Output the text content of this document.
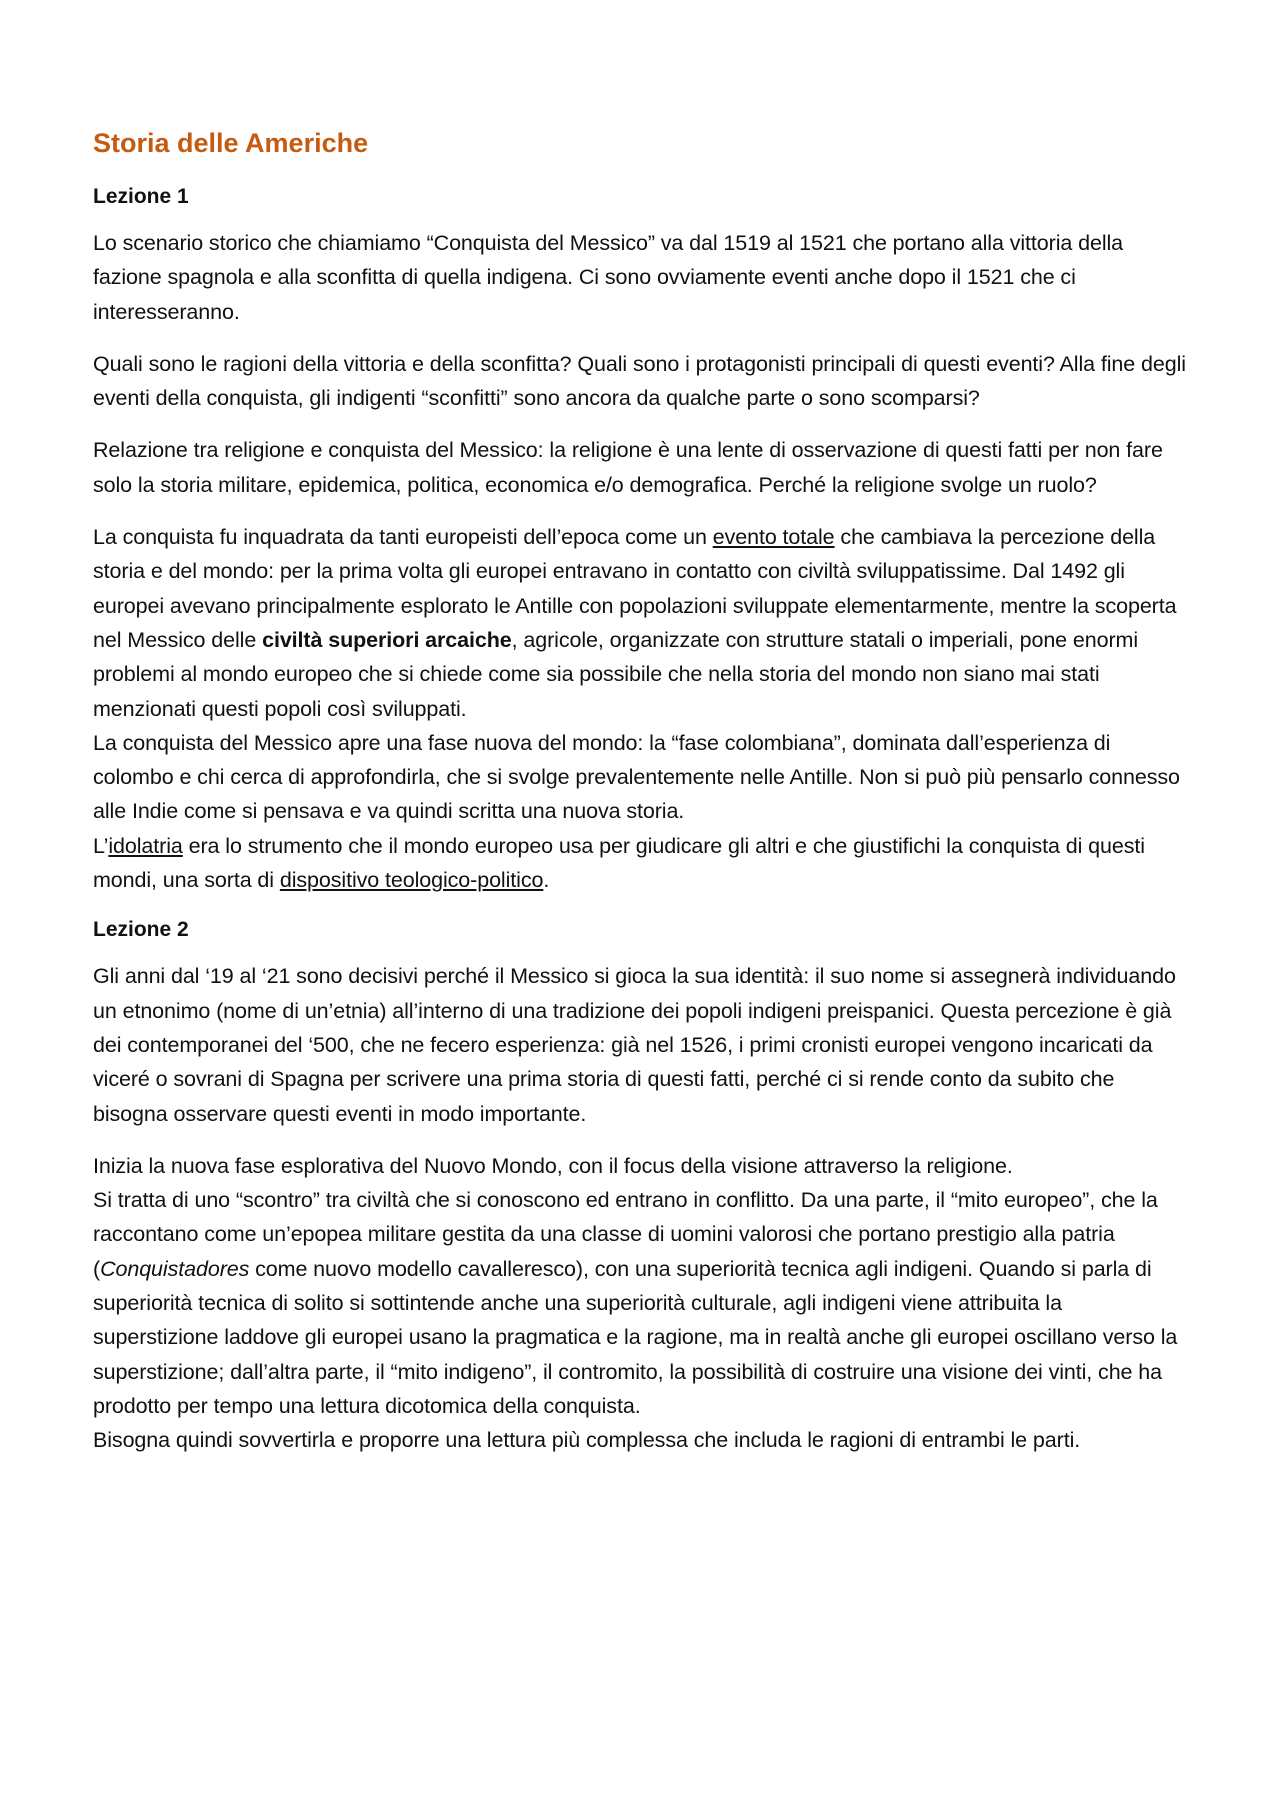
Storia delle Americhe
Lezione 1

Lo scenario storico che chiamiamo “Conquista del Messico” va dal 1519 al 1521 che portano alla vittoria della fazione spagnola e alla sconfitta di quella indigena. Ci sono ovviamente eventi anche dopo il 1521 che ci interesseranno.

Quali sono le ragioni della vittoria e della sconfitta? Quali sono i protagonisti principali di questi eventi? Alla fine degli eventi della conquista, gli indigenti “sconfitti” sono ancora da qualche parte o sono scomparsi?

Relazione tra religione e conquista del Messico: la religione è una lente di osservazione di questi fatti per non fare solo la storia militare, epidemica, politica, economica e/o demografica. Perché la religione svolge un ruolo?

La conquista fu inquadrata da tanti europeisti dell’epoca come un evento totale che cambiava la percezione della storia e del mondo: per la prima volta gli europei entravano in contatto con civiltà sviluppatissime. Dal 1492 gli europei avevano principalmente esplorato le Antille con popolazioni sviluppate elementarmente, mentre la scoperta nel Messico delle civiltà superiori arcaiche, agricole, organizzate con strutture statali o imperiali, pone enormi problemi al mondo europeo che si chiede come sia possibile che nella storia del mondo non siano mai stati menzionati questi popoli così sviluppati.

La conquista del Messico apre una fase nuova del mondo: la “fase colombiana”, dominata dall’esperienza di colombo e chi cerca di approfondirla, che si svolge prevalentemente nelle Antille. Non si può più pensarlo connesso alle Indie come si pensava e va quindi scritta una nuova storia.

L’idolatria era lo strumento che il mondo europeo usa per giudicare gli altri e che giustifichi la conquista di questi mondi, una sorta di dispositivo teologico-politico.

Lezione 2

Gli anni dal ‘19 al ‘21 sono decisivi perché il Messico si gioca la sua identità: il suo nome si assegnerà individuando un etnonimo (nome di un’etnia) all’interno di una tradizione dei popoli indigeni preispanici. Questa percezione è già dei contemporanei del ‘500, che ne fecero esperienza: già nel 1526, i primi cronisti europei vengono incaricati da viceré o sovrani di Spagna per scrivere una prima storia di questi fatti, perché ci si rende conto da subito che bisogna osservare questi eventi in modo importante.

Inizia la nuova fase esplorativa del Nuovo Mondo, con il focus della visione attraverso la religione.

Si tratta di uno “scontro” tra civiltà che si conoscono ed entrano in conflitto. Da una parte, il “mito europeo”, che la raccontano come un’epopea militare gestita da una classe di uomini valorosi che portano prestigio alla patria (Conquistadores come nuovo modello cavalleresco), con una superiorità tecnica agli indigeni. Quando si parla di superiorità tecnica di solito si sottintende anche una superiorità culturale, agli indigeni viene attribuita la superstizione laddove gli europei usano la pragmatica e la ragione, ma in realtà anche gli europei oscillano verso la superstizione; dall’altra parte, il “mito indigeno”, il contromito, la possibilità di costruire una visione dei vinti, che ha prodotto per tempo una lettura dicotomica della conquista.

Bisogna quindi sovvertirla e proporre una lettura più complessa che includa le ragioni di entrambi le parti.
